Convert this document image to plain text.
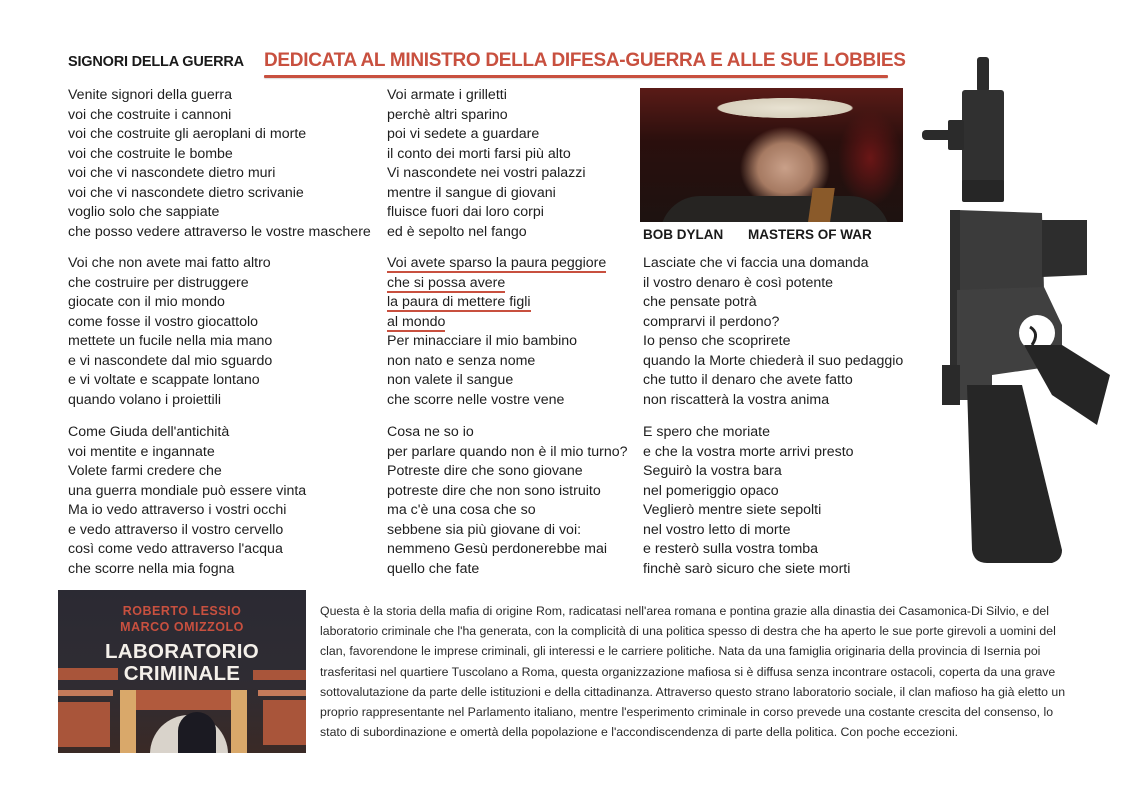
SIGNORI DELLA GUERRA DEDICATA AL MINISTRO DELLA DIFESA-GUERRA E ALLE SUE LOBBIES
Venite signori della guerra
voi che costruite i cannoni
voi che costruite gli aeroplani di morte
voi che costruite le bombe
voi che vi nascondete dietro muri
voi che vi nascondete dietro scrivanie
voglio solo che sappiate
che posso vedere attraverso le vostre maschere
Voi che non avete mai fatto altro
che costruire per distruggere
giocate con il mio mondo
come fosse il vostro giocattolo
mettete un fucile nella mia mano
e vi nascondete dal mio sguardo
e vi voltate e scappate lontano
quando volano i proiettili
Come Giuda dell'antichità
voi mentite e ingannate
Volete farmi credere che
una guerra mondiale può essere vinta
Ma io vedo attraverso i vostri occhi
e vedo attraverso il vostro cervello
così come vedo attraverso l'acqua
che scorre nella mia fogna
Voi armate i grilletti
perchè altri sparino
poi vi sedete a guardare
il conto dei morti farsi più alto
Vi nascondete nei vostri palazzi
mentre il sangue di giovani
fluisce fuori dai loro corpi
ed è sepolto nel fango
Voi avete sparso la paura peggiore
che si possa avere
la paura di mettere figli
al mondo
Per minacciare il mio bambino
non nato e senza nome
non valete il sangue
che scorre nelle vostre vene
Cosa ne so io
per parlare quando non è il mio turno?
Potreste dire che sono giovane
potreste dire che non sono istruito
ma c'è una cosa che so
sebbene sia più giovane di voi:
nemmeno Gesù perdonerebbe mai
quello che fate
BOB DYLAN MASTERS OF WAR
Lasciate che vi faccia una domanda
il vostro denaro è così potente
che pensate potrà
comprarvi il perdono?
Io penso che scoprirete
quando la Morte chiederà il suo pedaggio
che tutto il denaro che avete fatto
non riscatterà la vostra anima
E spero che moriate
e che la vostra morte arrivi presto
Seguirò la vostra bara
nel pomeriggio opaco
Veglierò mentre siete sepolti
nel vostro letto di morte
e resterò sulla vostra tomba
finchè sarò sicuro che siete morti
ROBERTO LESSIO
MARCO OMIZZOLO
LABORATORIO
CRIMINALE
Questa è la storia della mafia di origine Rom, radicatasi nell'area romana e pontina grazie alla dinastia dei Casamonica-Di Silvio, e del
laboratorio criminale che l'ha generata, con la complicità di una politica spesso di destra che ha aperto le sue porte girevoli a uomini del
clan, favorendone le imprese criminali, gli interessi e le carriere politiche. Nata da una famiglia originaria della provincia di Isernia poi
trasferitasi nel quartiere Tuscolano a Roma, questa organizzazione mafiosa si è diffusa senza incontrare ostacoli, coperta da una grave
sottovalutazione da parte delle istituzioni e della cittadinanza. Attraverso questo strano laboratorio sociale, il clan mafioso ha già eletto un
proprio rappresentante nel Parlamento italiano, mentre l'esperimento criminale in corso prevede una costante crescita del consenso, lo
stato di subordinazione e omertà della popolazione e l'accondiscendenza di parte della politica. Con poche eccezioni.
